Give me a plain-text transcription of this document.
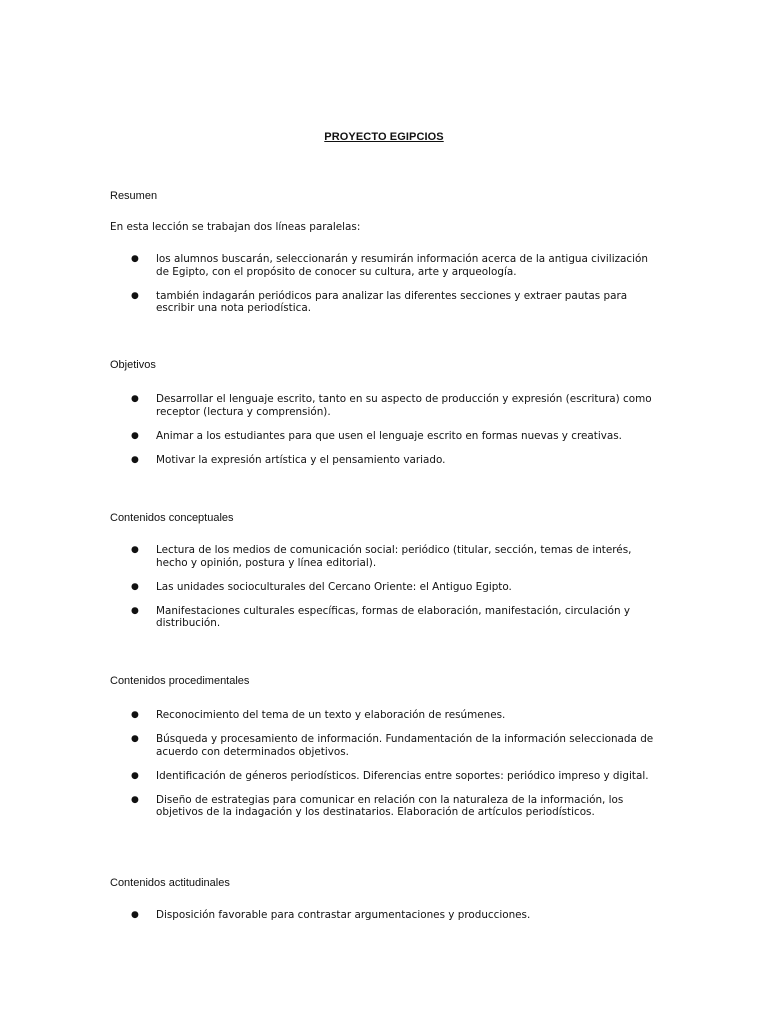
PROYECTO EGIPCIOS
Resumen

En esta lección se trabajan dos líneas paralelas:

● los alumnos buscarán, seleccionarán y resumirán información acerca de la antigua civilización de Egipto, con el propósito de conocer su cultura, arte y arqueología.
● también indagarán periódicos para analizar las diferentes secciones y extraer pautas para escribir una nota periodística.
Objetivos
● Desarrollar el lenguaje escrito, tanto en su aspecto de producción y expresión (escritura) como receptor (lectura y comprensión).
● Animar a los estudiantes para que usen el lenguaje escrito en formas nuevas y creativas.
● Motivar la expresión artística y el pensamiento variado.
Contenidos conceptuales
● Lectura de los medios de comunicación social: periódico (titular, sección, temas de interés, hecho y opinión, postura y línea editorial).
● Las unidades socioculturales del Cercano Oriente: el Antiguo Egipto.
● Manifestaciones culturales específicas, formas de elaboración, manifestación, circulación y distribución.
Contenidos procedimentales
● Reconocimiento del tema de un texto y elaboración de resúmenes.
● Búsqueda y procesamiento de información. Fundamentación de la información seleccionada de acuerdo con determinados objetivos.
● Identificación de géneros periodísticos. Diferencias entre soportes: periódico impreso y digital.
● Diseño de estrategias para comunicar en relación con la naturaleza de la información, los objetivos de la indagación y los destinatarios. Elaboración de artículos periodísticos.
Contenidos actitudinales
● Disposición favorable para contrastar argumentaciones y producciones.
